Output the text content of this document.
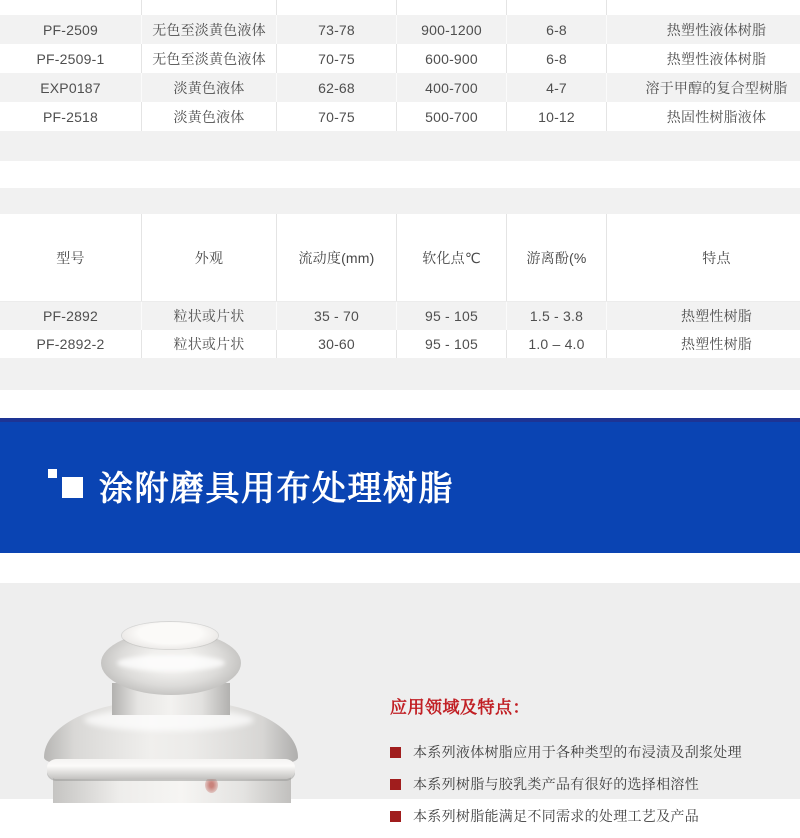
PF-2509	无色至淡黄色液体	73-78	900-1200	6-8	热塑性液体树脂
PF-2509-1	无色至淡黄色液体	70-75	600-900	6-8	热塑性液体树脂
EXP0187	淡黄色液体	62-68	400-700	4-7	溶于甲醇的复合型树脂
PF-2518	淡黄色液体	70-75	500-700	10-12	热固性树脂液体
型号	外观	流动度(mm)	软化点℃	游离酚(%	特点
PF-2892	粒状或片状	35 - 70	95 - 105	1.5 - 3.8	热塑性树脂
PF-2892-2	粒状或片状	30-60	95 - 105	1.0 – 4.0	热塑性树脂
涂附磨具用布处理树脂
应用领域及特点：
本系列液体树脂应用于各种类型的布浸渍及刮浆处理
本系列树脂与胶乳类产品有很好的选择相溶性
本系列树脂能满足不同需求的处理工艺及产品
